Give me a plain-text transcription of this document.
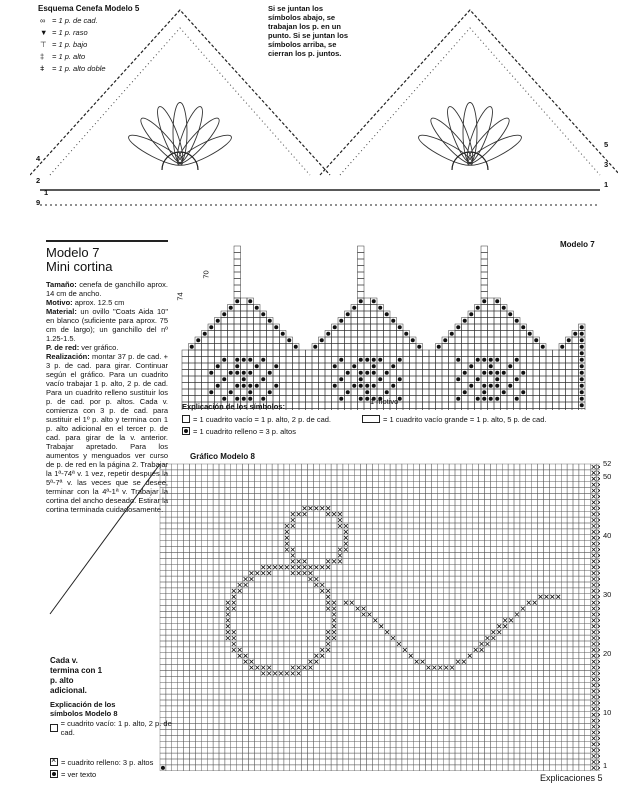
Esquema Cenefa Modelo 5
∞ = 1 p. de cad.
▼ = 1 p. raso
⊤ = 1 p. bajo
‡	= 1 p. alto
ǂ	= 1 p. alto doble
Si se juntan los símbolos abajo, se trabajan los p. en un punto. Si se juntan los símbolos arriba, se cierran los p. juntos.
4
2
1
9
5
3
1
Modelo 7
Mini cortina
Tamaño: cenefa de ganchillo aprox. 14 cm de ancho.
Motivo: aprox. 12.5 cm
Material: un ovillo "Coats Aida 10" en blanco (suficiente para aprox. 75 cm de largo); un ganchillo del nº 1.25-1.5.
P. de red: ver gráfico.
Realización: montar 37 p. de cad. + 3 p. de cad. para girar. Continuar según el gráfico. Para un cuadrito vacío trabajar 1 p. alto, 2 p. de cad. Para un cuadrito relleno sustituir los p. de cad. por p. altos. Cada v. comienza con 3 p. de cad. para sustituir el 1º p. alto y termina con 1 p. alto adicional en el tercer p. de cad. para girar de la v. anterior. Trabajar apretado. Para los aumentos y menguados ver curso de p. de red en la página 2. Trabajar la 1ª-74ª v. 1 vez, repetir después la 5ª-7ª v. las veces que se desee, terminar con la 4ª-1ª v. Trabajar la cortina del ancho deseado. Estirar la cortina terminada cuidadosamente.
Modelo 7
70
74
1 motivo
Explicación de los símbolos:
= 1 cuadrito vacío = 1 p. alto, 2 p. de cad.
= 1 cuadrito relleno = 3 p. altos
= 1 cuadrito vacío grande = 1 p. alto, 5 p. de cad.
Gráfico Modelo 8
52
50
40
30
20
10
1
Cada v. termina con 1 p. alto adicional.
Explicación de los símbolos Modelo 8
= cuadrito vacío: 1 p. alto, 2 p. de cad.
×
= cuadrito relleno: 3 p. altos
= ver texto	Explicaciones 5
